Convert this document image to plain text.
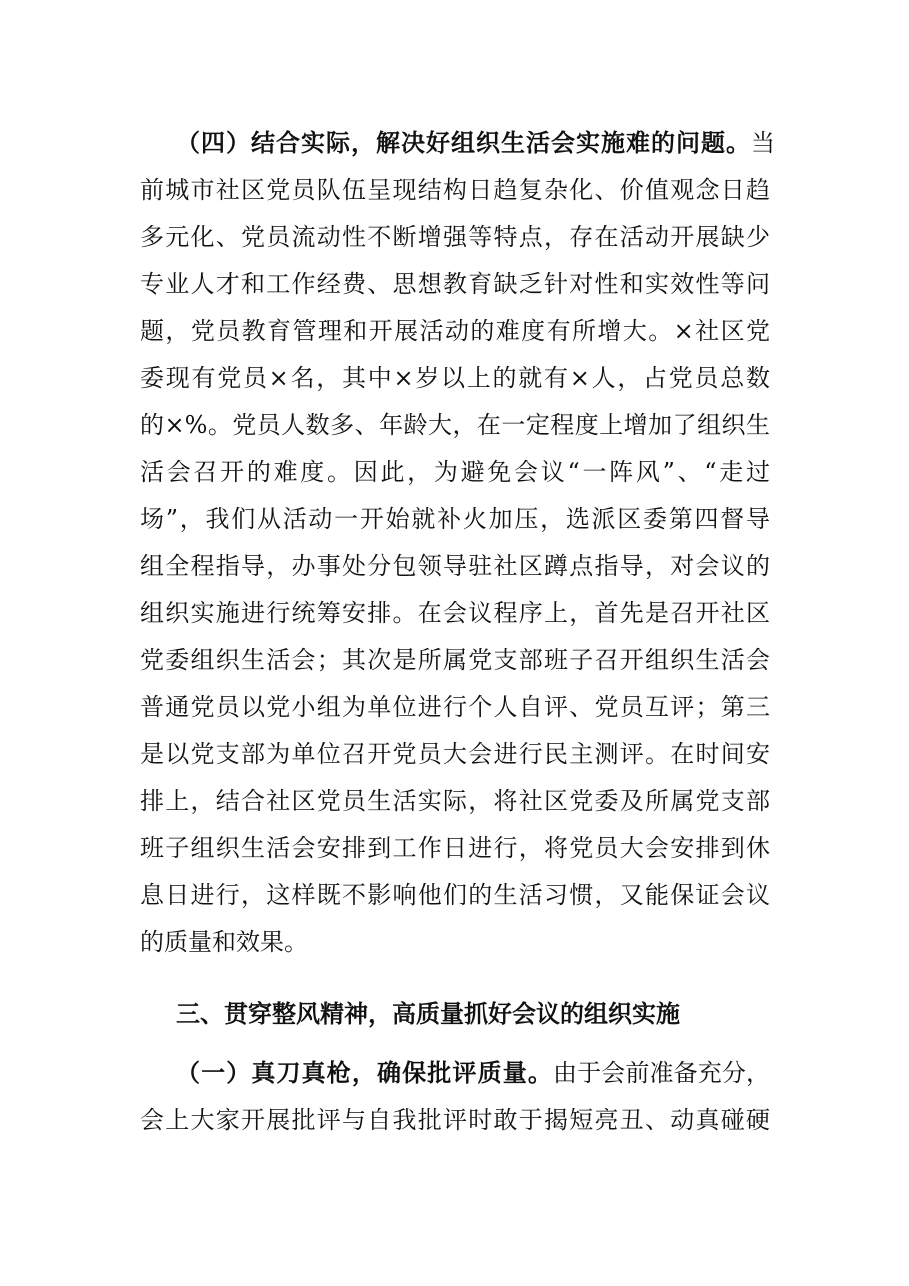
（四）结合实际，解决好组织生活会实施难的问题。当
前城市社区党员队伍呈现结构日趋复杂化、价值观念日趋
多元化、党员流动性不断增强等特点，存在活动开展缺少
专业人才和工作经费、思想教育缺乏针对性和实效性等问
题，党员教育管理和开展活动的难度有所增大。×社区党
委现有党员×名，其中×岁以上的就有×人，占党员总数
的×%。党员人数多、年龄大，在一定程度上增加了组织生
活会召开的难度。因此，为避免会议“一阵风”、“走过
场”，我们从活动一开始就补火加压，选派区委第四督导
组全程指导，办事处分包领导驻社区蹲点指导，对会议的
组织实施进行统筹安排。在会议程序上，首先是召开社区
党委组织生活会；其次是所属党支部班子召开组织生活会
普通党员以党小组为单位进行个人自评、党员互评；第三
是以党支部为单位召开党员大会进行民主测评。在时间安
排上，结合社区党员生活实际，将社区党委及所属党支部
班子组织生活会安排到工作日进行，将党员大会安排到休
息日进行，这样既不影响他们的生活习惯，又能保证会议
的质量和效果。
三、贯穿整风精神，高质量抓好会议的组织实施
（一）真刀真枪，确保批评质量。由于会前准备充分，
会上大家开展批评与自我批评时敢于揭短亮丑、动真碰硬
